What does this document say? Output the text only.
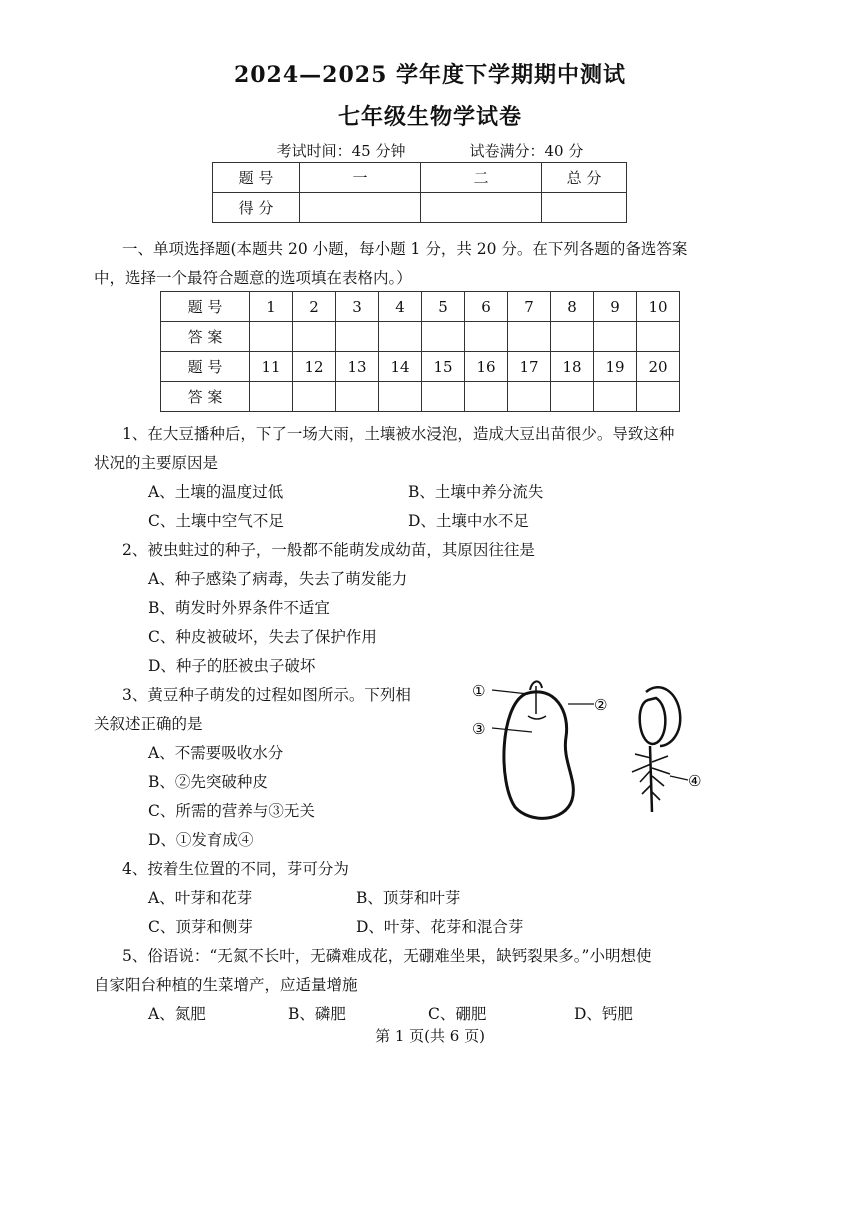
2024—2025 学年度下学期期中测试
七年级生物学试卷
考试时间：45 分钟	试卷满分：40 分
题 号	一	二	总 分
得 分			
一、单项选择题(本题共 20 小题，每小题 1 分，共 20 分。在下列各题的备选答案
中，选择一个最符合题意的选项填在表格内。）
题 号	1	2	3	4	5	6	7	8	9	10
答 案										
题 号	11	12	13	14	15	16	17	18	19	20
答 案										
1、在大豆播种后，下了一场大雨，土壤被水浸泡，造成大豆出苗很少。导致这种
状况的主要原因是
A、土壤的温度过低	B、土壤中养分流失
C、土壤中空气不足	D、土壤中水不足
2、被虫蛀过的种子，一般都不能萌发成幼苗，其原因往往是
A、种子感染了病毒，失去了萌发能力
B、萌发时外界条件不适宜
C、种皮被破坏，失去了保护作用
D、种子的胚被虫子破坏
3、黄豆种子萌发的过程如图所示。下列相
关叙述正确的是
A、不需要吸收水分
B、②先突破种皮
C、所需的营养与③无关
D、①发育成④
①
②
③
④
4、按着生位置的不同，芽可分为
A、叶芽和花芽	B、顶芽和叶芽
C、顶芽和侧芽	D、叶芽、花芽和混合芽
5、俗语说：“无氮不长叶，无磷难成花，无硼难坐果，缺钙裂果多。”小明想使
自家阳台种植的生菜增产，应适量增施
A、氮肥	B、磷肥	C、硼肥	D、钙肥
第 1 页(共 6 页)
